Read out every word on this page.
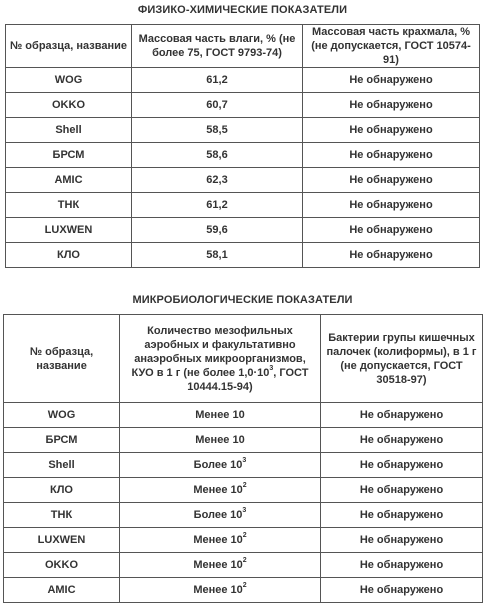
ФИЗИКО-ХИМИЧЕСКИЕ ПОКАЗАТЕЛИ
№ образца, название	Массовая часть влаги, % (не более 75, ГОСТ 9793-74)	Массовая часть крахмала, % (не допускается, ГОСТ 10574-91)
WOG	61,2	Не обнаружено
OKKO	60,7	Не обнаружено
Shell	58,5	Не обнаружено
БРСМ	58,6	Не обнаружено
AMIC	62,3	Не обнаружено
ТНК	61,2	Не обнаружено
LUXWEN	59,6	Не обнаружено
КЛО	58,1	Не обнаружено
МИКРОБИОЛОГИЧЕСКИЕ ПОКАЗАТЕЛИ
№ образца, название	Количество мезофильных аэробных и факультативно анаэробных микроорганизмов, КУО в 1 г (не более $1,0\cdot 10^3$, ГОСТ 10444.15-94)	Бактерии групы кишечных палочек (колиформы), в 1 г (не допускается, ГОСТ 30518-97)
WOG	Менее 10	Не обнаружено
БРСМ	Менее 10	Не обнаружено
Shell	Более $10^3$	Не обнаружено
КЛО	Менее $10^2$	Не обнаружено
ТНК	Более $10^3$	Не обнаружено
LUXWEN	Менее $10^2$	Не обнаружено
OKKO	Менее $10^2$	Не обнаружено
AMIC	Менее $10^2$	Не обнаружено
